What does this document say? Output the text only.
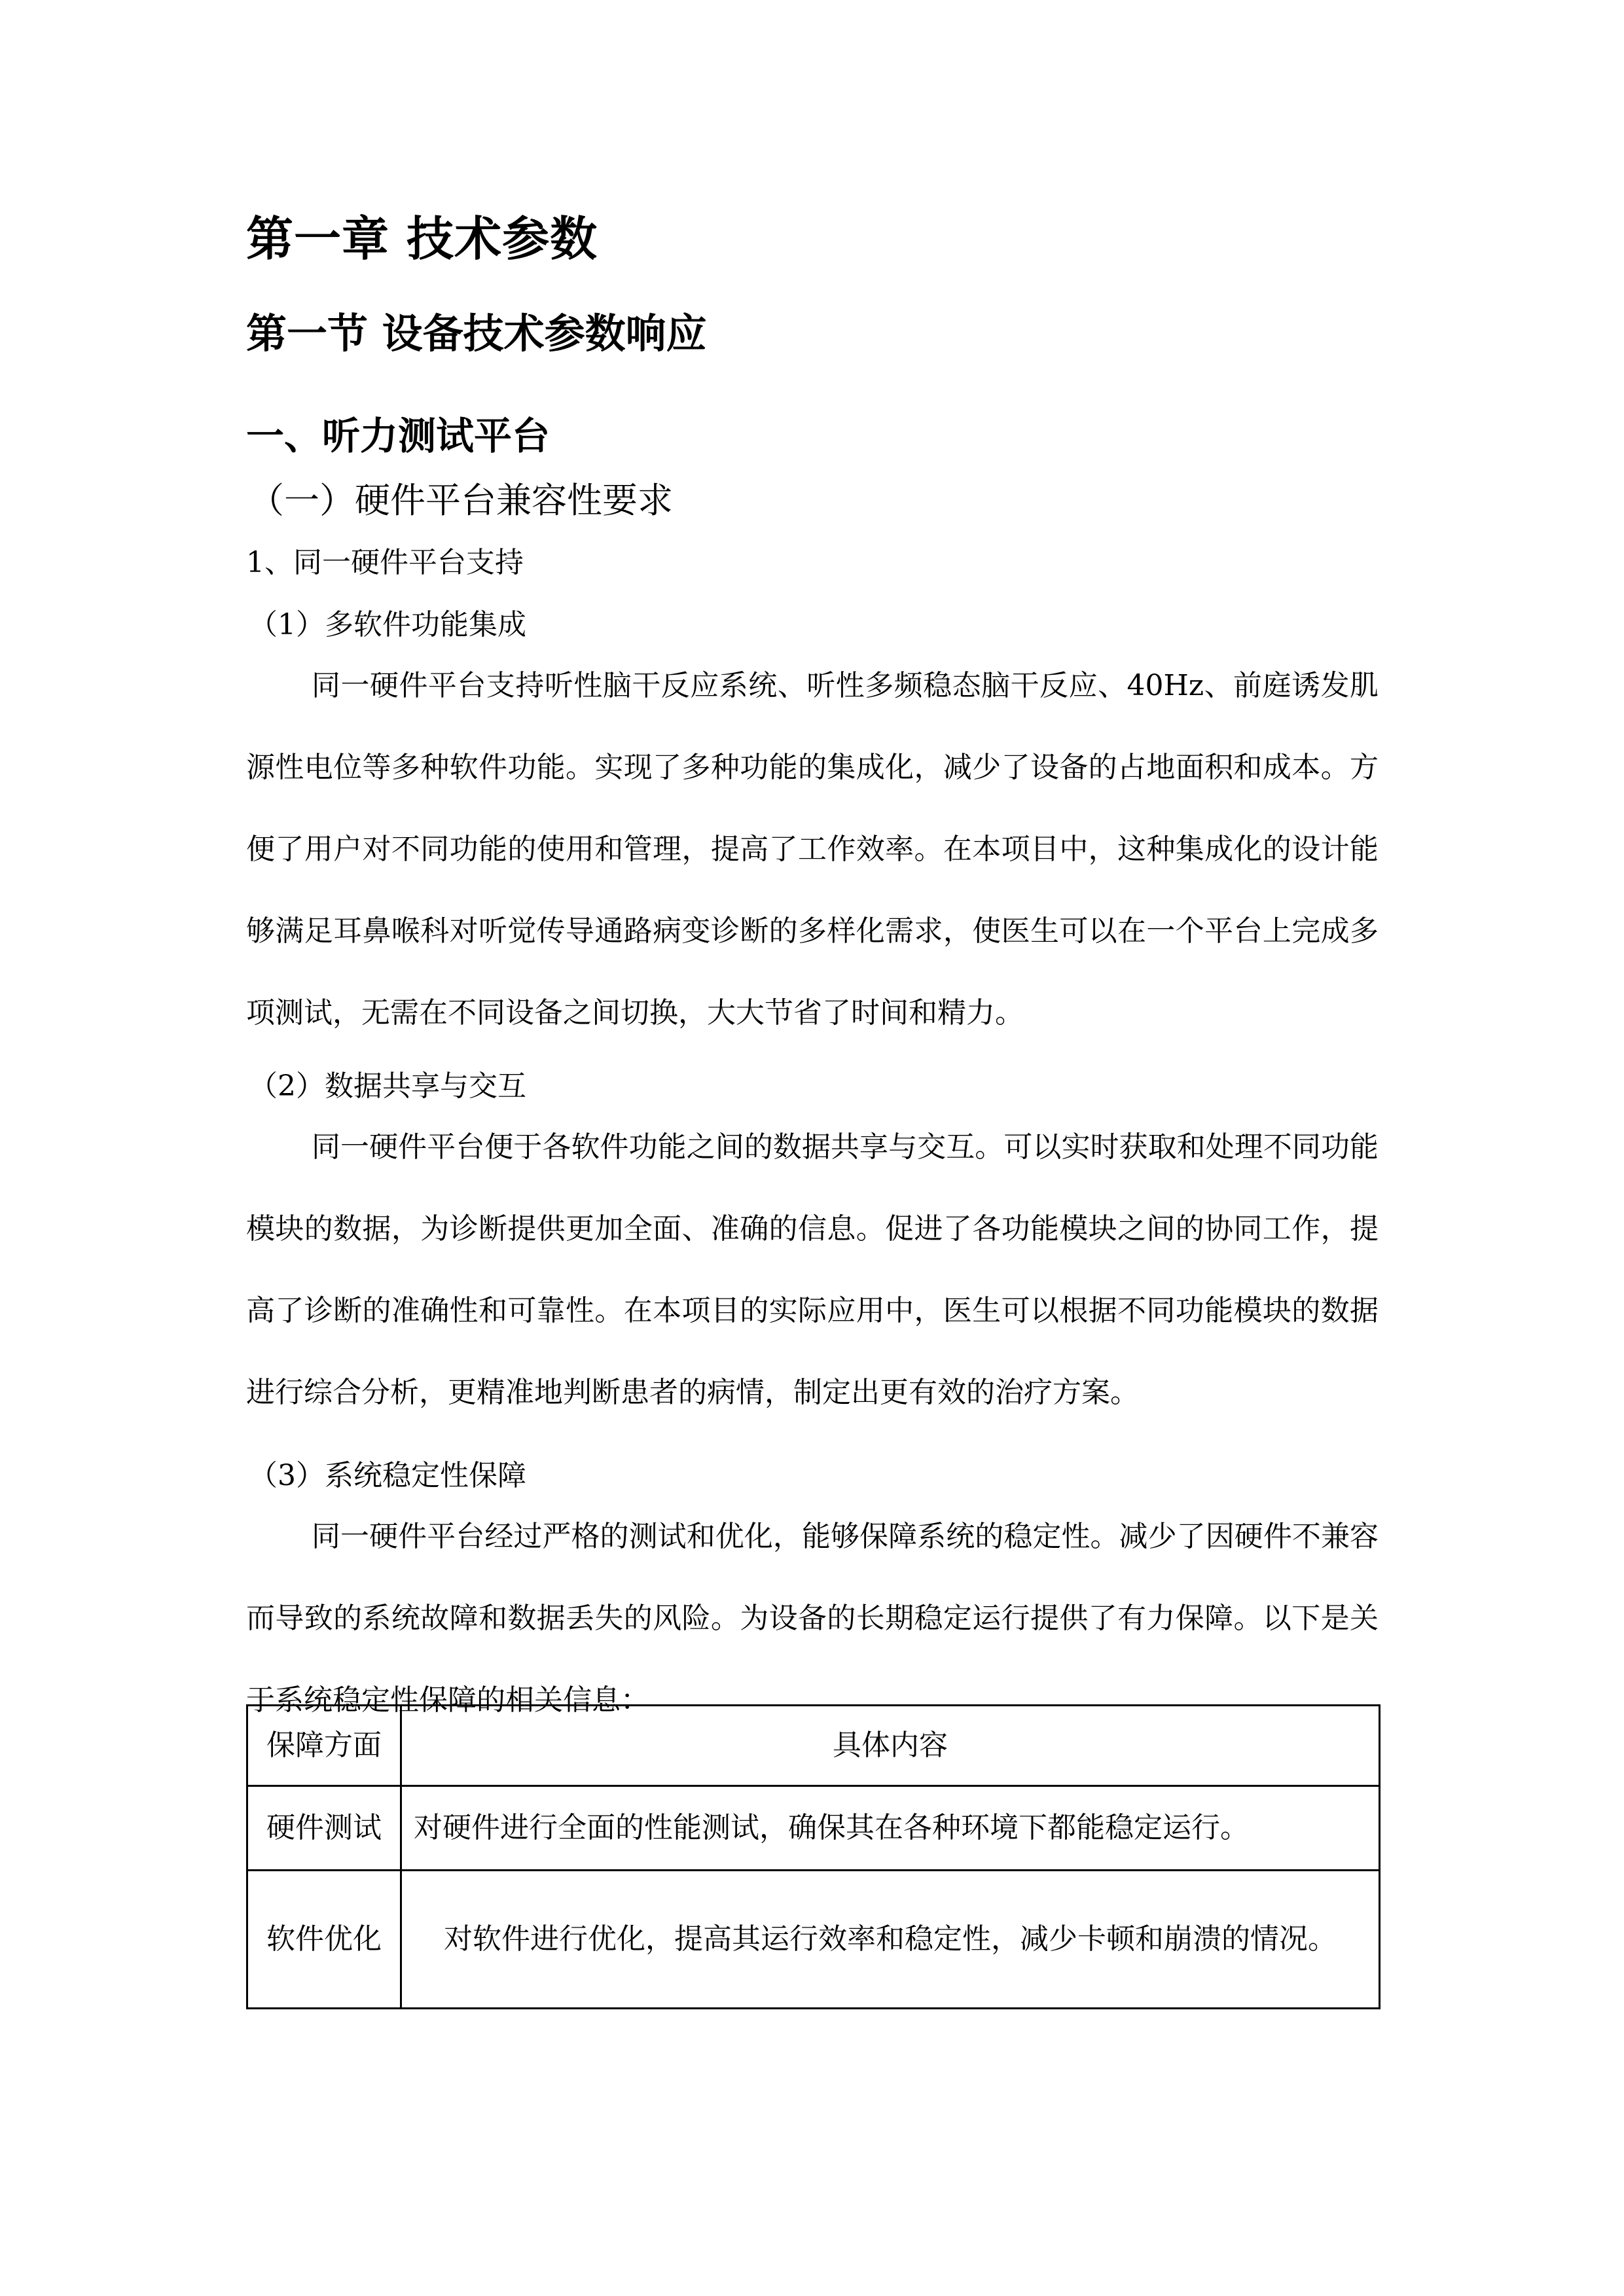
第一章 技术参数
第一节 设备技术参数响应
一、听力测试平台
（一）硬件平台兼容性要求
1、同一硬件平台支持
（1）多软件功能集成

同一硬件平台支持听性脑干反应系统、听性多频稳态脑干反应、40Hz、前庭诱发肌源性电位等多种软件功能。实现了多种功能的集成化，减少了设备的占地面积和成本。方便了用户对不同功能的使用和管理，提高了工作效率。在本项目中，这种集成化的设计能够满足耳鼻喉科对听觉传导通路病变诊断的多样化需求，使医生可以在一个平台上完成多项测试，无需在不同设备之间切换，大大节省了时间和精力。

（2）数据共享与交互

同一硬件平台便于各软件功能之间的数据共享与交互。可以实时获取和处理不同功能模块的数据，为诊断提供更加全面、准确的信息。促进了各功能模块之间的协同工作，提高了诊断的准确性和可靠性。在本项目的实际应用中，医生可以根据不同功能模块的数据进行综合分析，更精准地判断患者的病情，制定出更有效的治疗方案。

（3）系统稳定性保障

同一硬件平台经过严格的测试和优化，能够保障系统的稳定性。减少了因硬件不兼容而导致的系统故障和数据丢失的风险。为设备的长期稳定运行提供了有力保障。以下是关于系统稳定性保障的相关信息：

保障方面	具体内容
硬件测试	对硬件进行全面的性能测试，确保其在各种环境下都能稳定运行。
软件优化	对软件进行优化，提高其运行效率和稳定性，减少卡顿和崩溃的情况。
